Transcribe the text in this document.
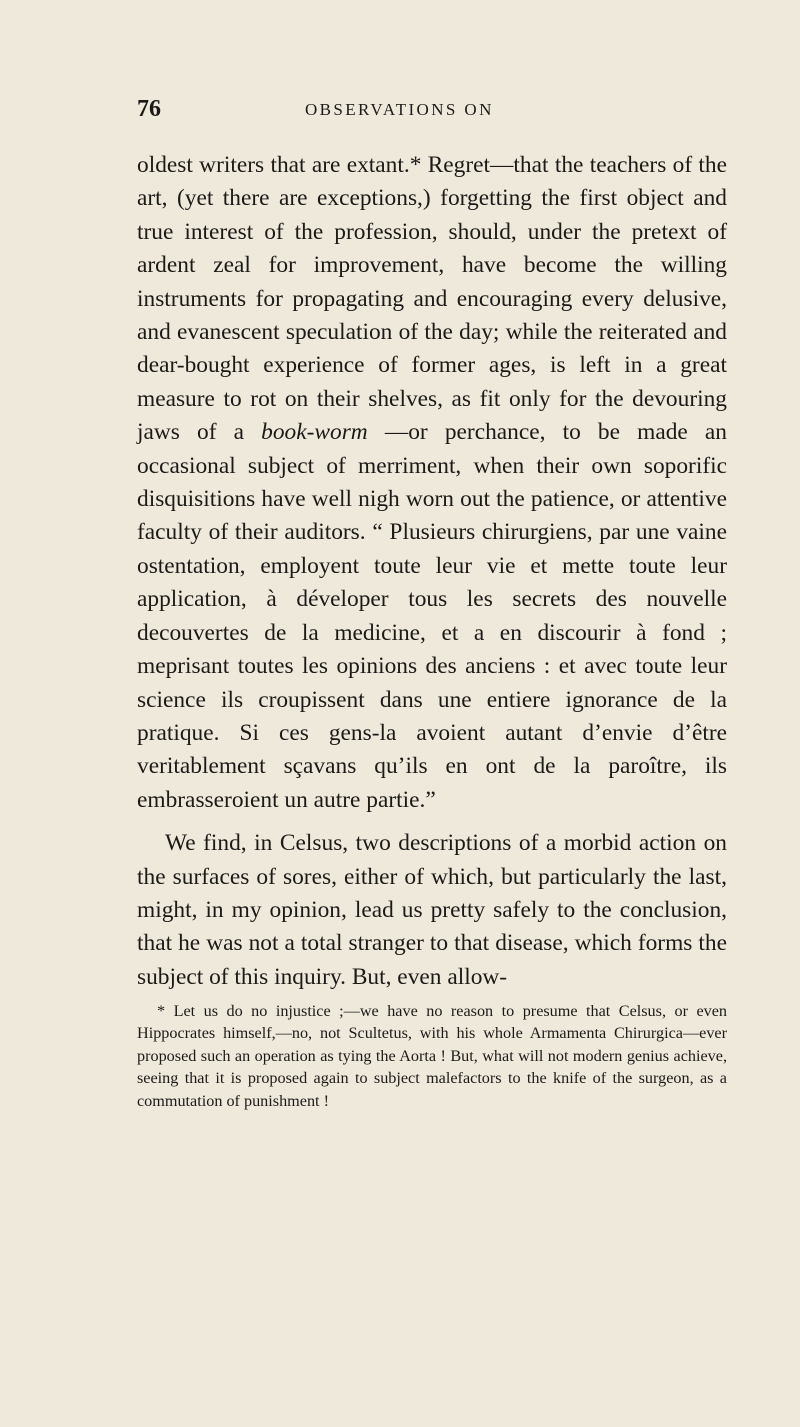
76	OBSERVATIONS ON

oldest writers that are extant.* Regret—that the teachers of the art, (yet there are exceptions,) forgetting the first object and true interest of the profession, should, under the pretext of ardent zeal for improvement, have become the willing instruments for propagating and encouraging every delusive, and evanescent speculation of the day; while the reiterated and dear-bought experience of former ages, is left in a great measure to rot on their shelves, as fit only for the devouring jaws of a book-worm —or perchance, to be made an occasional subject of merriment, when their own soporific disquisitions have well nigh worn out the patience, or attentive faculty of their auditors. “ Plusieurs chirurgiens, par une vaine ostentation, employent toute leur vie et mette toute leur application, à déveloper tous les secrets des nouvelle decouvertes de la medicine, et a en discourir à fond ; meprisant toutes les opinions des anciens : et avec toute leur science ils croupissent dans une entiere ignorance de la pratique. Si ces gens-la avoient autant d’envie d’être veritablement sçavans qu’ils en ont de la paroître, ils embrasseroient un autre partie.”

We find, in Celsus, two descriptions of a morbid action on the surfaces of sores, either of which, but particularly the last, might, in my opinion, lead us pretty safely to the conclusion, that he was not a total stranger to that disease, which forms the subject of this inquiry. But, even allow-

* Let us do no injustice ;—we have no reason to presume that Celsus, or even Hippocrates himself,—no, not Scultetus, with his whole Armamenta Chirurgica—ever proposed such an operation as tying the Aorta ! But, what will not modern genius achieve, seeing that it is proposed again to subject malefactors to the knife of the surgeon, as a commutation of punishment !
